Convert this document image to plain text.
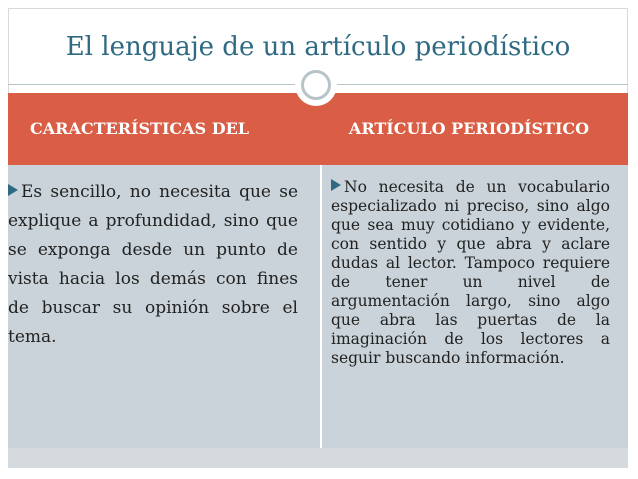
El lenguaje de un artículo periodístico
CARACTERÍSTICAS DEL	ARTÍCULO PERIODÍSTICO
Es sencillo, no necesita que se explique a profundidad, sino que se exponga desde un punto de vista hacia los demás con fines de buscar su opinión sobre el tema.
No necesita de un vocabulario especializado ni preciso, sino algo que sea muy cotidiano y evidente, con sentido y que abra y aclare dudas al lector. Tampoco requiere de tener un nivel de argumentación largo, sino algo que abra las puertas de la imaginación de los lectores a seguir buscando información.
